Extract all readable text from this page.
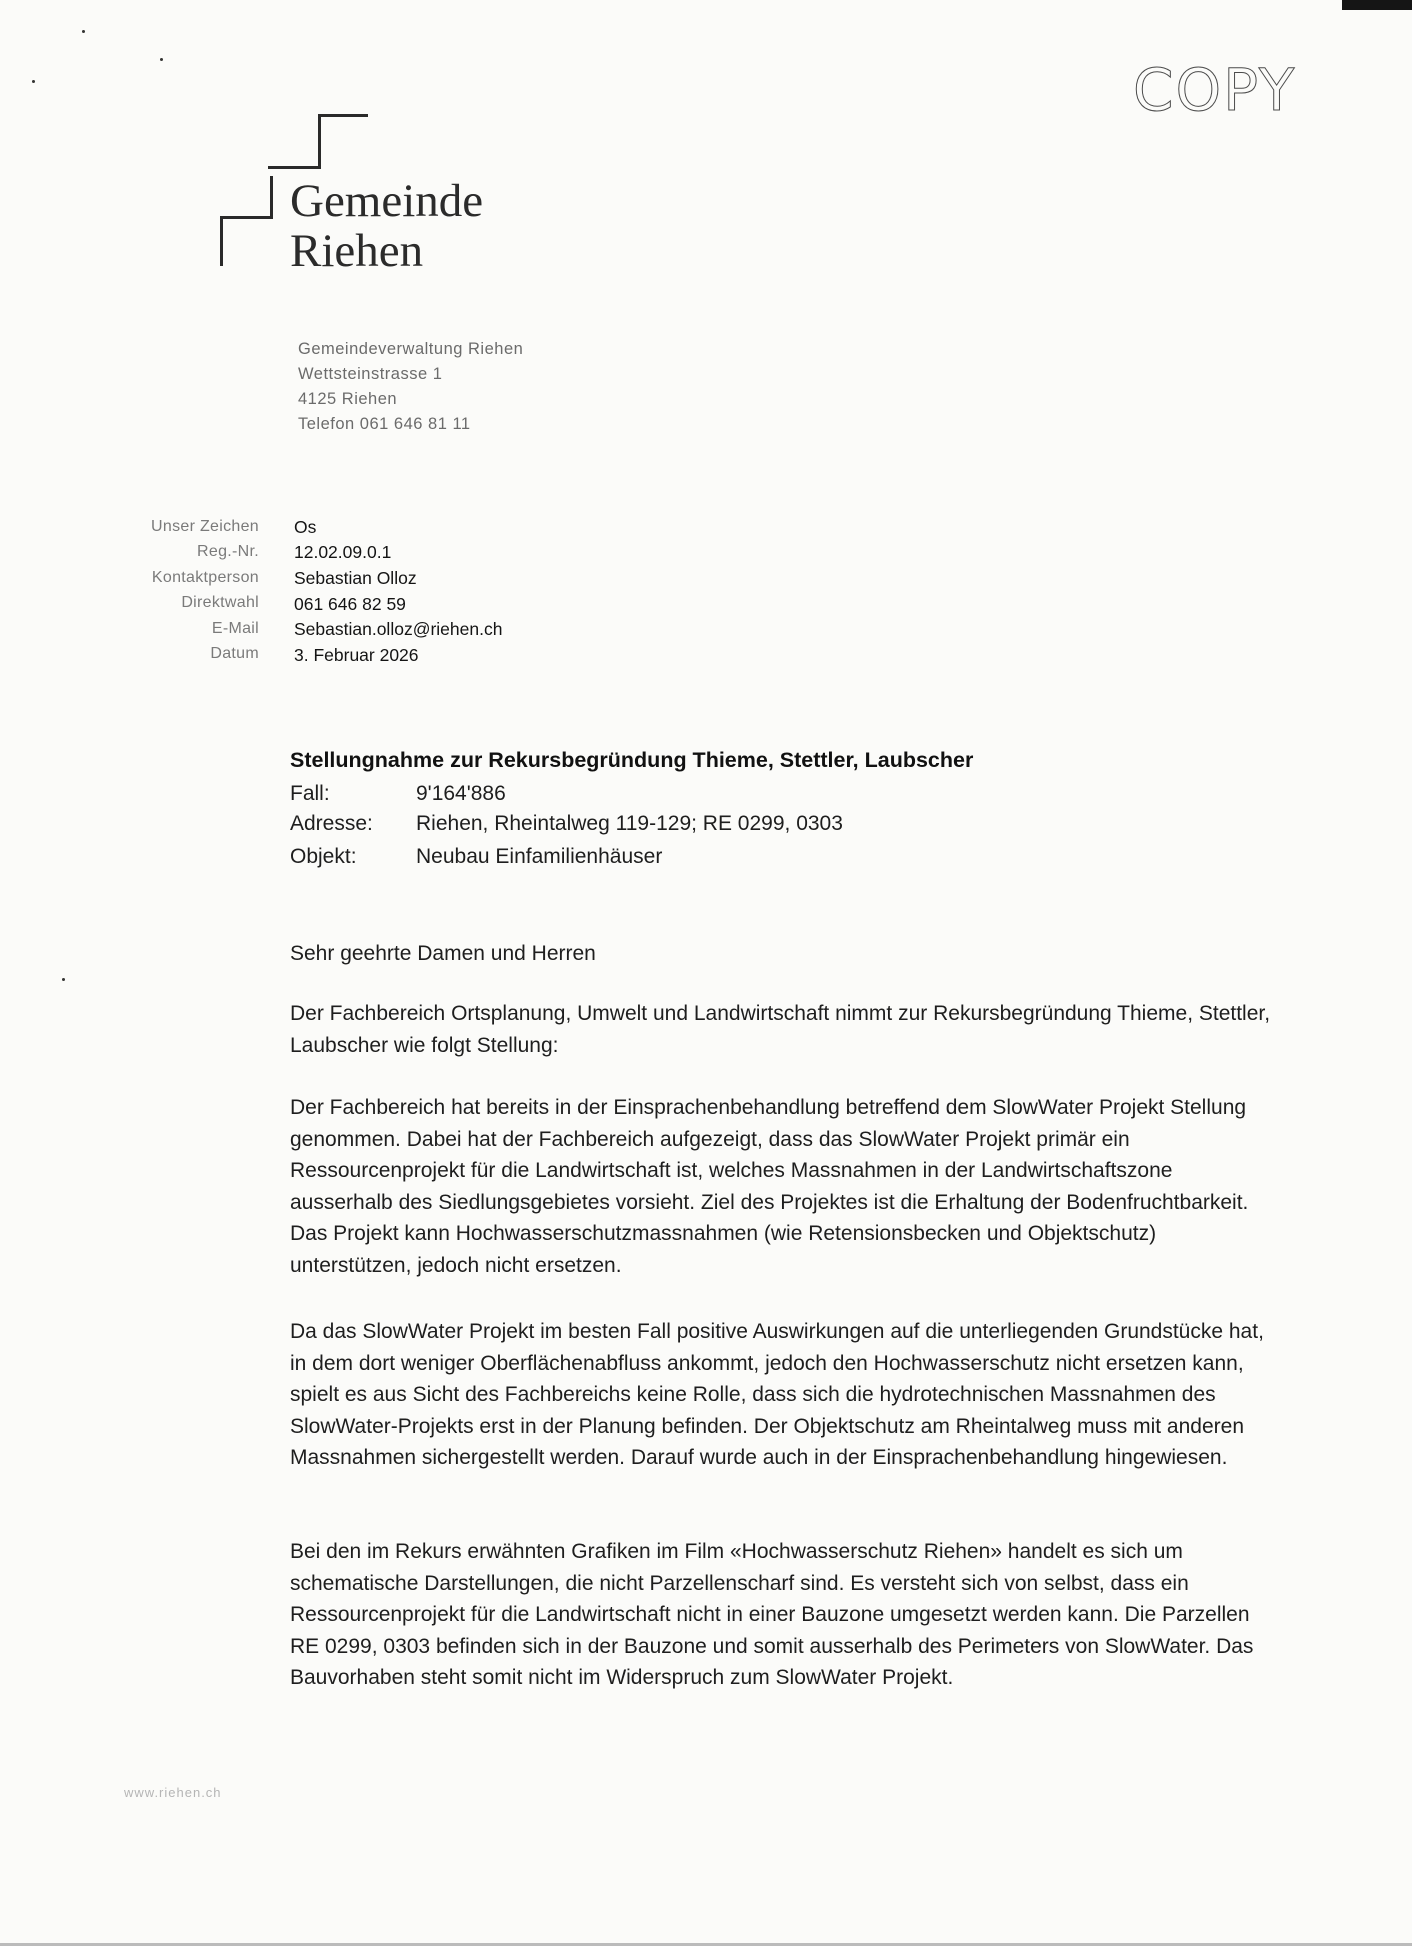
COPY
Gemeinde
Riehen
Gemeindeverwaltung Riehen
Wettsteinstrasse 1
4125 Riehen
Telefon 061 646 81 11
Unser Zeichen Os
Reg.-Nr. 12.02.09.0.1
Kontaktperson Sebastian Olloz
Direktwahl 061 646 82 59
E-Mail Sebastian.olloz@riehen.ch
Datum 3. Februar 2026
Stellungnahme zur Rekursbegründung Thieme, Stettler, Laubscher
Fall:	9'164'886
Adresse: Riehen, Rheintalweg 119-129; RE 0299, 0303
Objekt:	Neubau Einfamilienhäuser
Sehr geehrte Damen und Herren

Der Fachbereich Ortsplanung, Umwelt und Landwirtschaft nimmt zur Rekursbegründung Thieme, Stettler, Laubscher wie folgt Stellung:

Der Fachbereich hat bereits in der Einsprachenbehandlung betreffend dem SlowWater Projekt Stellung genommen. Dabei hat der Fachbereich aufgezeigt, dass das SlowWater Projekt primär ein Ressourcenprojekt für die Landwirtschaft ist, welches Massnahmen in der Landwirtschaftszone ausserhalb des Siedlungsgebietes vorsieht. Ziel des Projektes ist die Erhaltung der Bodenfruchtbarkeit. Das Projekt kann Hochwasserschutzmassnahmen (wie Retensionsbecken und Objektschutz) unterstützen, jedoch nicht ersetzen.

Da das SlowWater Projekt im besten Fall positive Auswirkungen auf die unterliegenden Grundstücke hat, in dem dort weniger Oberflächenabfluss ankommt, jedoch den Hochwasserschutz nicht ersetzen kann, spielt es aus Sicht des Fachbereichs keine Rolle, dass sich die hydrotechnischen Massnahmen des SlowWater-Projekts erst in der Planung befinden. Der Objektschutz am Rheintalweg muss mit anderen Massnahmen sichergestellt werden. Darauf wurde auch in der Einsprachenbehandlung hingewiesen.

Bei den im Rekurs erwähnten Grafiken im Film «Hochwasserschutz Riehen» handelt es sich um schematische Darstellungen, die nicht Parzellenscharf sind. Es versteht sich von selbst, dass ein Ressourcenprojekt für die Landwirtschaft nicht in einer Bauzone umgesetzt werden kann. Die Parzellen RE 0299, 0303 befinden sich in der Bauzone und somit ausserhalb des Perimeters von SlowWater. Das Bauvorhaben steht somit nicht im Widerspruch zum SlowWater Projekt.

www.riehen.ch
